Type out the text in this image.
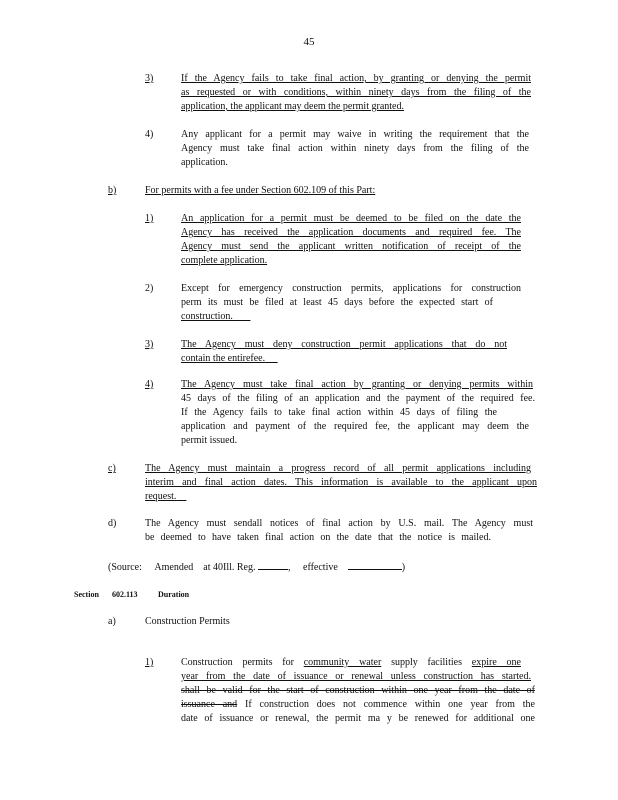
45
3)	If the Agency fails to take final action, by granting or denying the permit
as requested or with conditions, within ninety days from the filing of the
application, the applicant may deem the permit granted.
4)	Any applicant for a permit may waive in writing the requirement that the
Agency must take final action within ninety days from the filing of the
application.
b)	For permits with a fee under Section 602.109 of this Part:
1)	An application for a permit must be deemed to be filed on the date the
Agency has received the application documents and required fee. The
Agency must send the applicant written notification of receipt of the
complete application.
2)	Except for emergency construction permits, applications for construction
perm its must be filed at least 45 days before the expected start of
construction.
3)	The Agency must deny construction permit applications that do not
contain the entirefee.
4)	The Agency must take final action by granting or denying permits within
45 days of the filing of an application and the payment of the required fee.
If the Agency fails to take final action within 45 days of filing the
application and payment of the required fee, the applicant may deem the
permit issued.
c)	The Agency must maintain a progress record of all permit applications including
interim and final action dates. This information is available to the applicant upon
request.
d)	The Agency must sendall notices of final action by U.S. mail. The Agency must
be deemed to have taken final action on the date that the notice is mailed.
(Source: Amended at 40Ill. Reg.	, effective	)
Section 602.113	Duration
a)	Construction Permits
1)	Construction permits for community water supply facilities expire one
year from the date of issuance or renewal unless construction has started.
shall be valid for the start of construction within one year from the date of
issuance and If construction does not commence within one year from the
date of issuance or renewal, the permit ma y be renewed for additional one
